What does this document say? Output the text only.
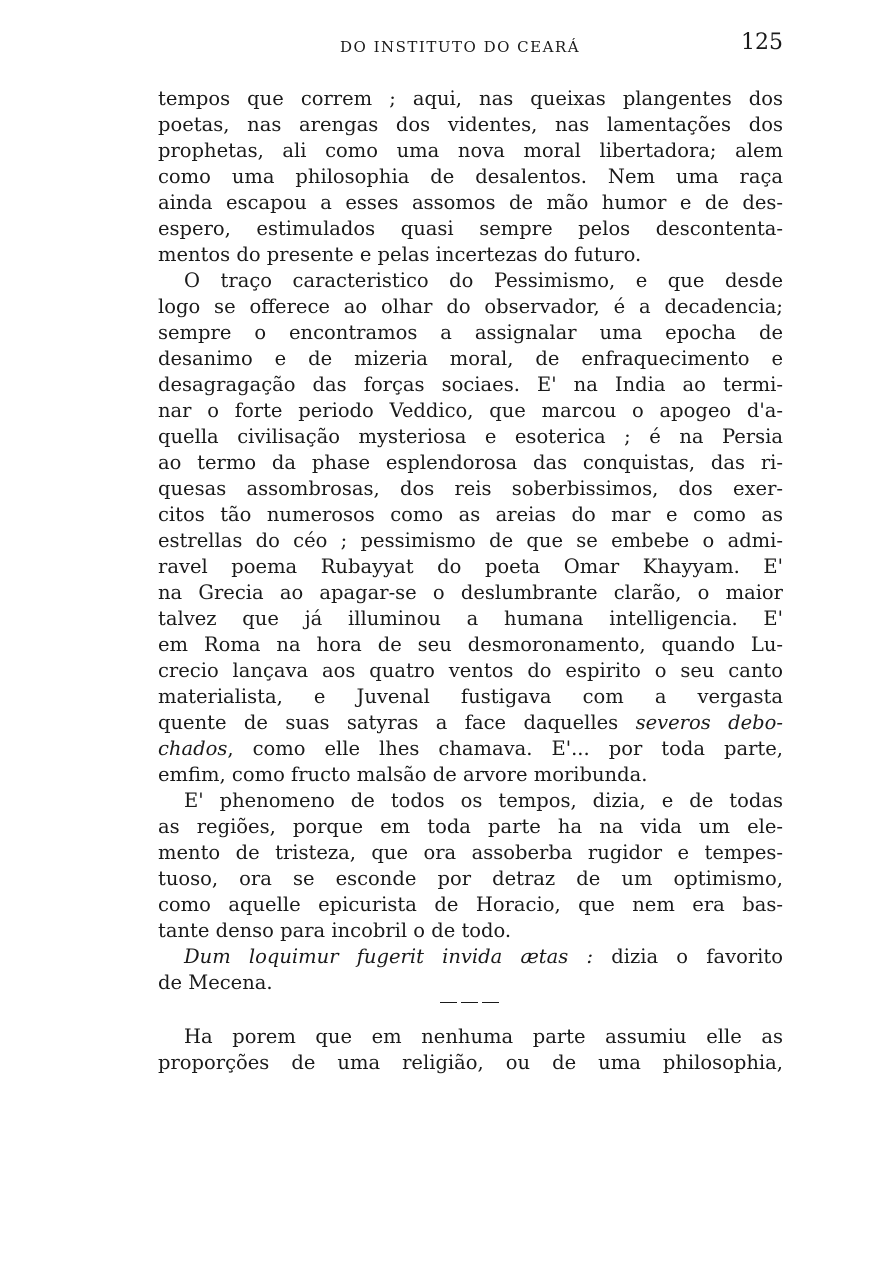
DO INSTITUTO DO CEARÁ	125
tempos que correm ; aqui, nas queixas plangentes dos
poetas, nas arengas dos videntes, nas lamentações dos
prophetas, ali como uma nova moral libertadora; alem
como uma philosophia de desalentos. Nem uma raça
ainda escapou a esses assomos de mão humor e de des-
espero, estimulados quasi sempre pelos descontenta-
mentos do presente e pelas incertezas do futuro.
O traço caracteristico do Pessimismo, e que desde
logo se offerece ao olhar do observador, é a decadencia;
sempre o encontramos a assignalar uma epocha de
desanimo e de mizeria moral, de enfraquecimento e
desagragação das forças sociaes. E' na India ao termi-
nar o forte periodo Veddico, que marcou o apogeo d'a-
quella civilisação mysteriosa e esoterica ; é na Persia
ao termo da phase esplendorosa das conquistas, das ri-
quesas assombrosas, dos reis soberbissimos, dos exer-
citos tão numerosos como as areias do mar e como as
estrellas do céo ; pessimismo de que se embebe o admi-
ravel poema Rubayyat do poeta Omar Khayyam. E'
na Grecia ao apagar-se o deslumbrante clarão, o maior
talvez que já illuminou a humana intelligencia. E'
em Roma na hora de seu desmoronamento, quando Lu-
crecio lançava aos quatro ventos do espirito o seu canto
materialista, e Juvenal fustigava com a vergasta
quente de suas satyras a face daquelles severos debo-
chados, como elle lhes chamava. E'... por toda parte,
emfim, como fructo malsão de arvore moribunda.
E' phenomeno de todos os tempos, dizia, e de todas
as regiões, porque em toda parte ha na vida um ele-
mento de tristeza, que ora assoberba rugidor e tempes-
tuoso, ora se esconde por detraz de um optimismo,
como aquelle epicurista de Horacio, que nem era bas-
tante denso para incobril o de todo.
Dum loquimur fugerit invida ætas : dizia o favorito
de Mecena.
Ha porem que em nenhuma parte assumiu elle as
proporções de uma religião, ou de uma philosophia,
